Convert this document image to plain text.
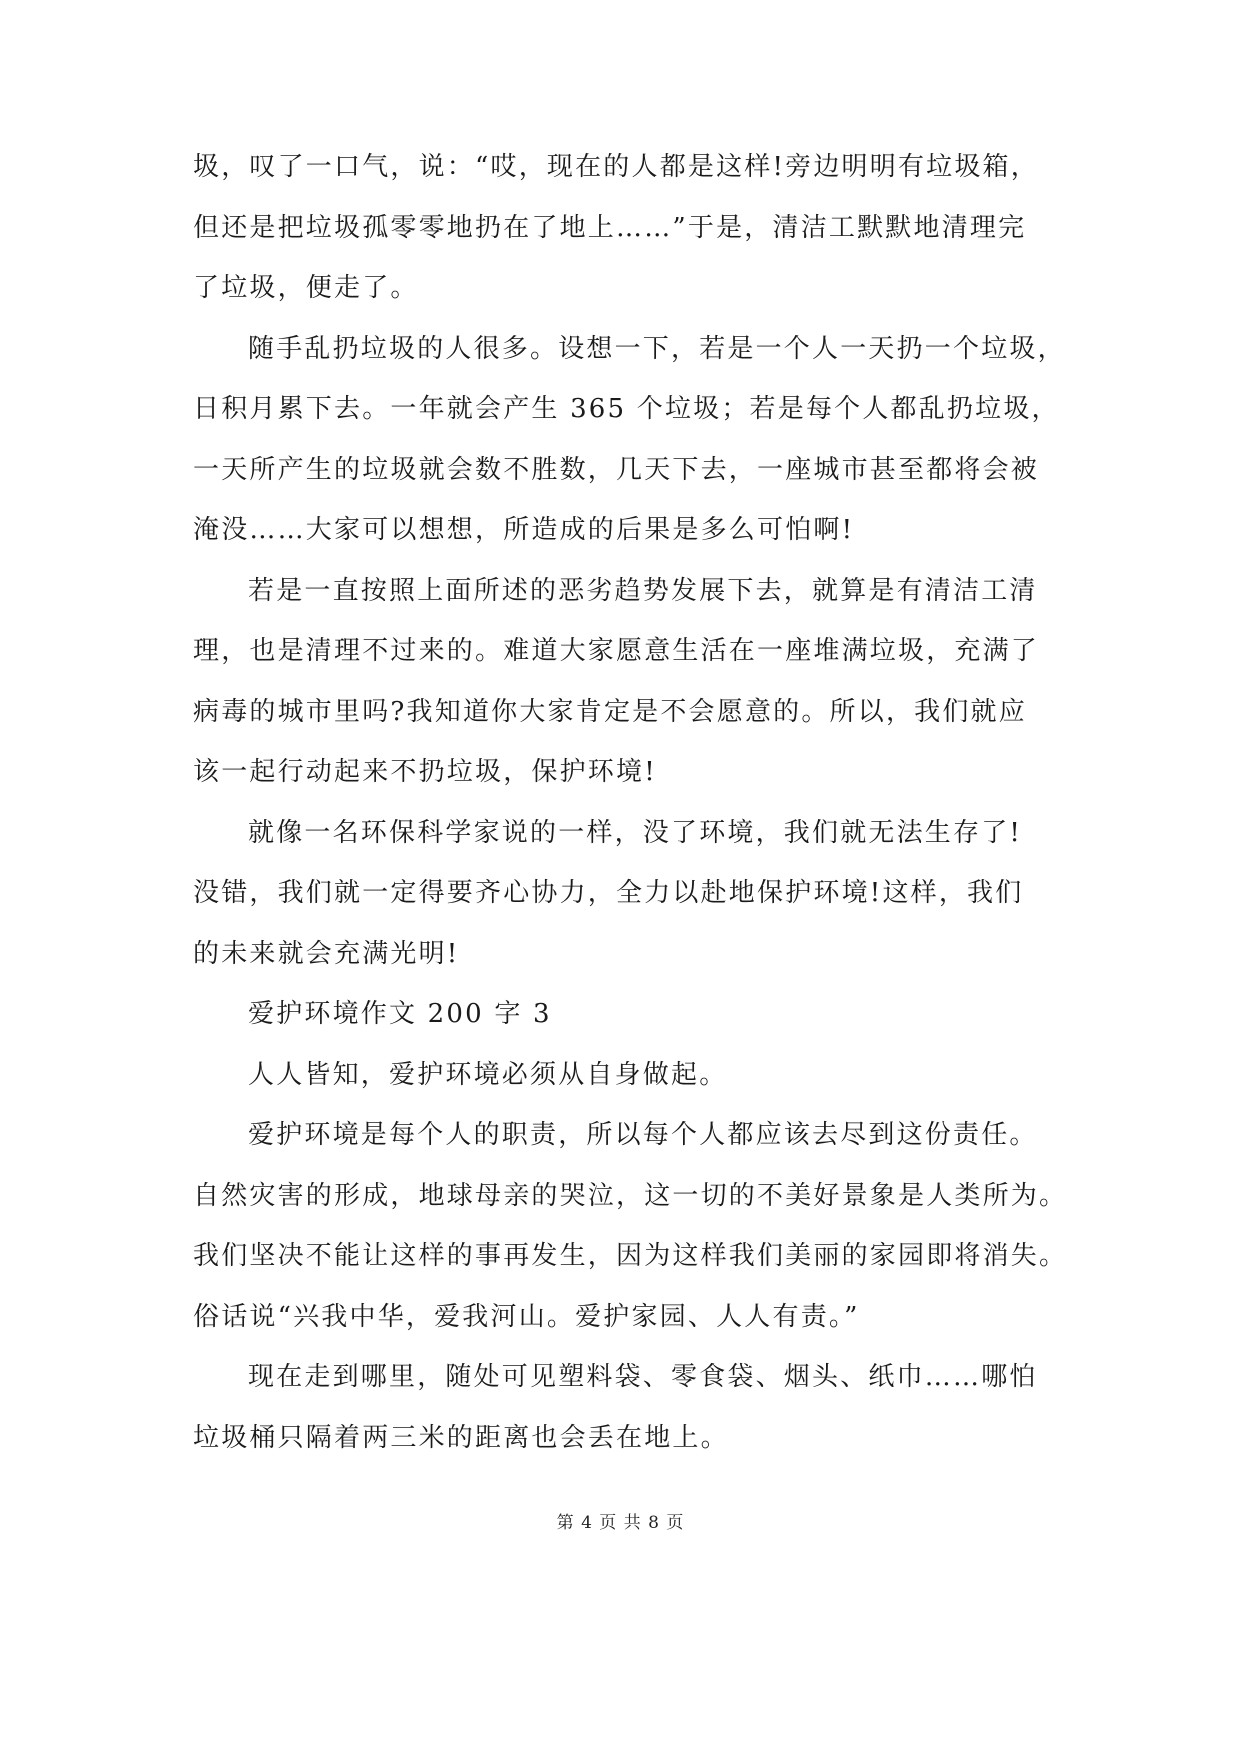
圾，叹了一口气，说：“哎，现在的人都是这样!旁边明明有垃圾箱，
但还是把垃圾孤零零地扔在了地上……”于是，清洁工默默地清理完
了垃圾，便走了。
随手乱扔垃圾的人很多。设想一下，若是一个人一天扔一个垃圾，
日积月累下去。一年就会产生 365 个垃圾；若是每个人都乱扔垃圾，
一天所产生的垃圾就会数不胜数，几天下去，一座城市甚至都将会被
淹没……大家可以想想，所造成的后果是多么可怕啊!
若是一直按照上面所述的恶劣趋势发展下去，就算是有清洁工清
理，也是清理不过来的。难道大家愿意生活在一座堆满垃圾，充满了
病毒的城市里吗?我知道你大家肯定是不会愿意的。所以，我们就应
该一起行动起来不扔垃圾，保护环境!
就像一名环保科学家说的一样，没了环境，我们就无法生存了!
没错，我们就一定得要齐心协力，全力以赴地保护环境!这样，我们
的未来就会充满光明!
爱护环境作文 200 字 3
人人皆知，爱护环境必须从自身做起。
爱护环境是每个人的职责，所以每个人都应该去尽到这份责任。
自然灾害的形成，地球母亲的哭泣，这一切的不美好景象是人类所为。
我们坚决不能让这样的事再发生，因为这样我们美丽的家园即将消失。
俗话说“兴我中华，爱我河山。爱护家园、人人有责。”
现在走到哪里，随处可见塑料袋、零食袋、烟头、纸巾……哪怕
垃圾桶只隔着两三米的距离也会丢在地上。
第 4 页 共 8 页
